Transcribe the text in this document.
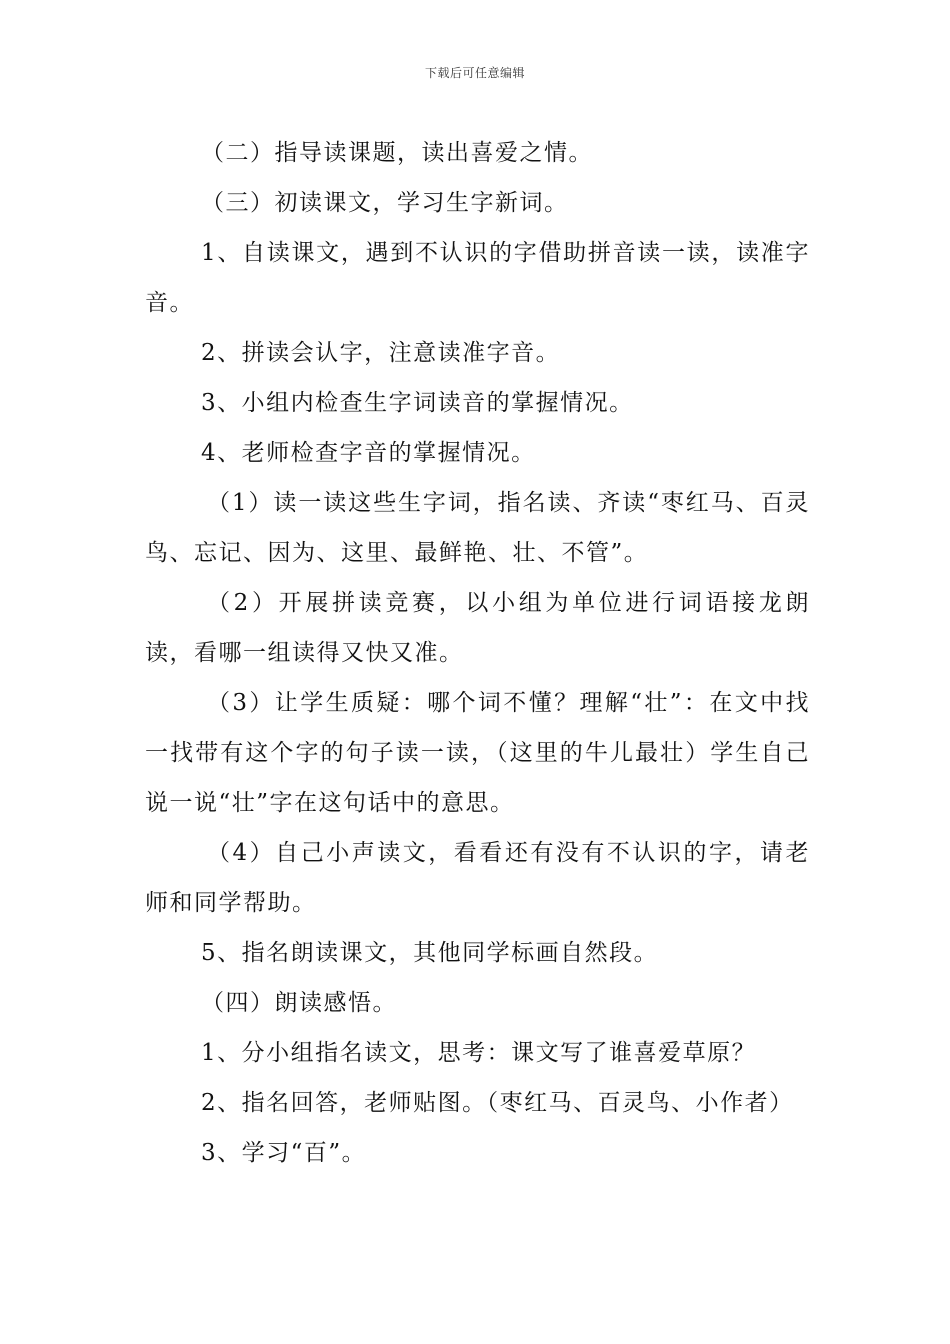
下载后可任意编辑

（二）指导读课题，读出喜爱之情。

（三）初读课文，学习生字新词。

1、自读课文，遇到不认识的字借助拼音读一读，读准字音。

2、拼读会认字，注意读准字音。

3、小组内检查生字词读音的掌握情况。

4、老师检查字音的掌握情况。

（1）读一读这些生字词，指名读、齐读“枣红马、百灵鸟、忘记、因为、这里、最鲜艳、壮、不管”。

（2）开展拼读竞赛，以小组为单位进行词语接龙朗读，看哪一组读得又快又准。

（3）让学生质疑：哪个词不懂？理解“壮”：在文中找一找带有这个字的句子读一读，（这里的牛儿最壮）学生自己说一说“壮”字在这句话中的意思。

（4）自己小声读文，看看还有没有不认识的字，请老师和同学帮助。

5、指名朗读课文，其他同学标画自然段。

（四）朗读感悟。

1、分小组指名读文，思考：课文写了谁喜爱草原？

2、指名回答，老师贴图。（枣红马、百灵鸟、小作者）

3、学习“百”。
